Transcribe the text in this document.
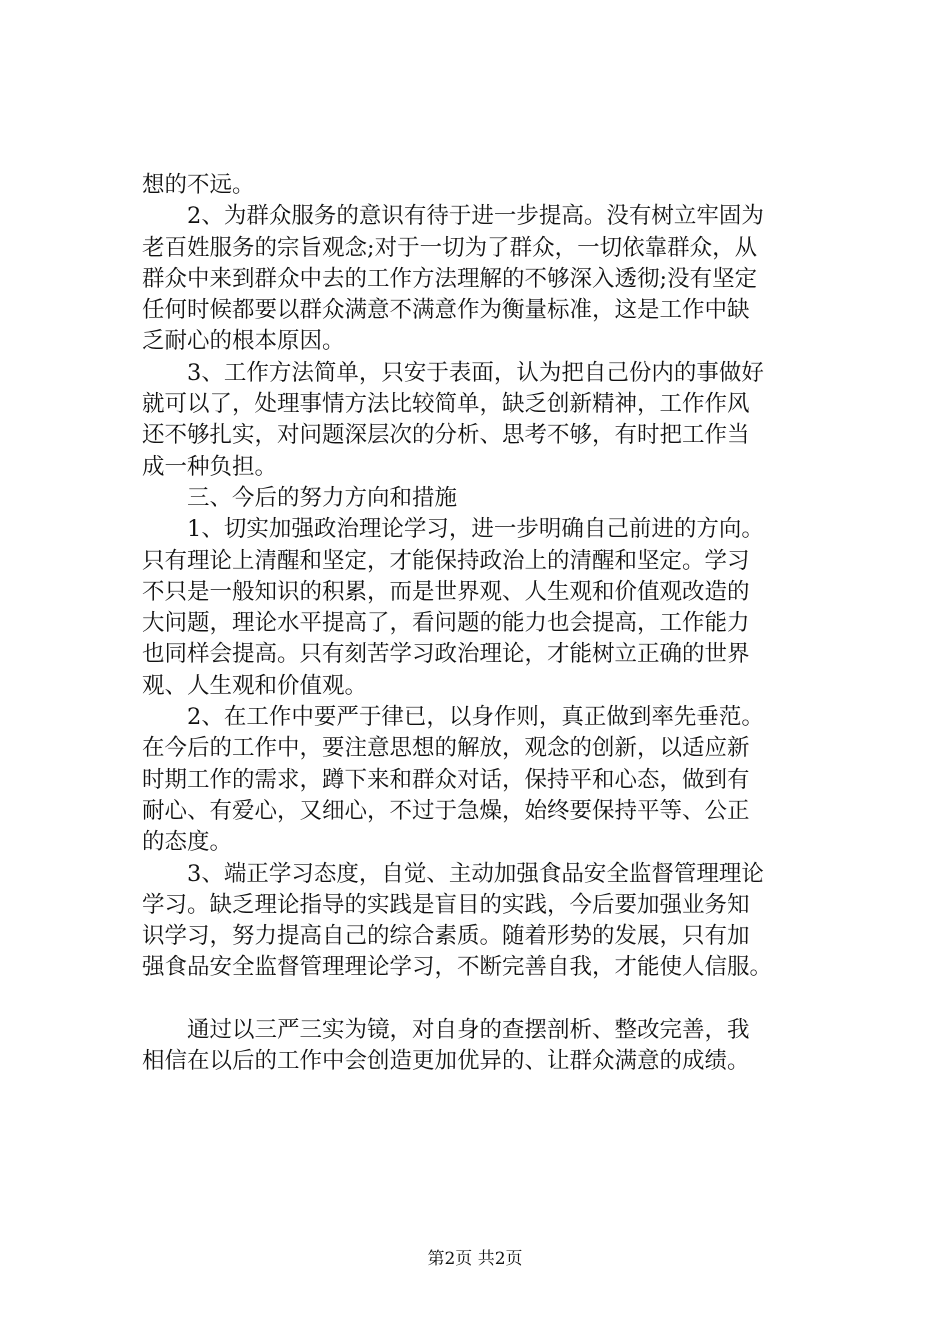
想的不远。
2、为群众服务的意识有待于进一步提高。没有树立牢固为
老百姓服务的宗旨观念;对于一切为了群众，一切依靠群众，从
群众中来到群众中去的工作方法理解的不够深入透彻;没有坚定
任何时候都要以群众满意不满意作为衡量标准，这是工作中缺
乏耐心的根本原因。
3、工作方法简单，只安于表面，认为把自己份内的事做好
就可以了，处理事情方法比较简单，缺乏创新精神，工作作风
还不够扎实，对问题深层次的分析、思考不够，有时把工作当
成一种负担。
三、今后的努力方向和措施
1、切实加强政治理论学习，进一步明确自己前进的方向。
只有理论上清醒和坚定，才能保持政治上的清醒和坚定。学习
不只是一般知识的积累，而是世界观、人生观和价值观改造的
大问题，理论水平提高了，看问题的能力也会提高，工作能力
也同样会提高。只有刻苦学习政治理论，才能树立正确的世界
观、人生观和价值观。
2、在工作中要严于律已，以身作则，真正做到率先垂范。
在今后的工作中，要注意思想的解放，观念的创新，以适应新
时期工作的需求，蹲下来和群众对话，保持平和心态，做到有
耐心、有爱心，又细心，不过于急燥，始终要保持平等、公正
的态度。
3、端正学习态度，自觉、主动加强食品安全监督管理理论
学习。缺乏理论指导的实践是盲目的实践，今后要加强业务知
识学习，努力提高自己的综合素质。随着形势的发展，只有加
强食品安全监督管理理论学习，不断完善自我，才能使人信服。
通过以三严三实为镜，对自身的查摆剖析、整改完善，我
相信在以后的工作中会创造更加优异的、让群众满意的成绩。
第2页 共2页
